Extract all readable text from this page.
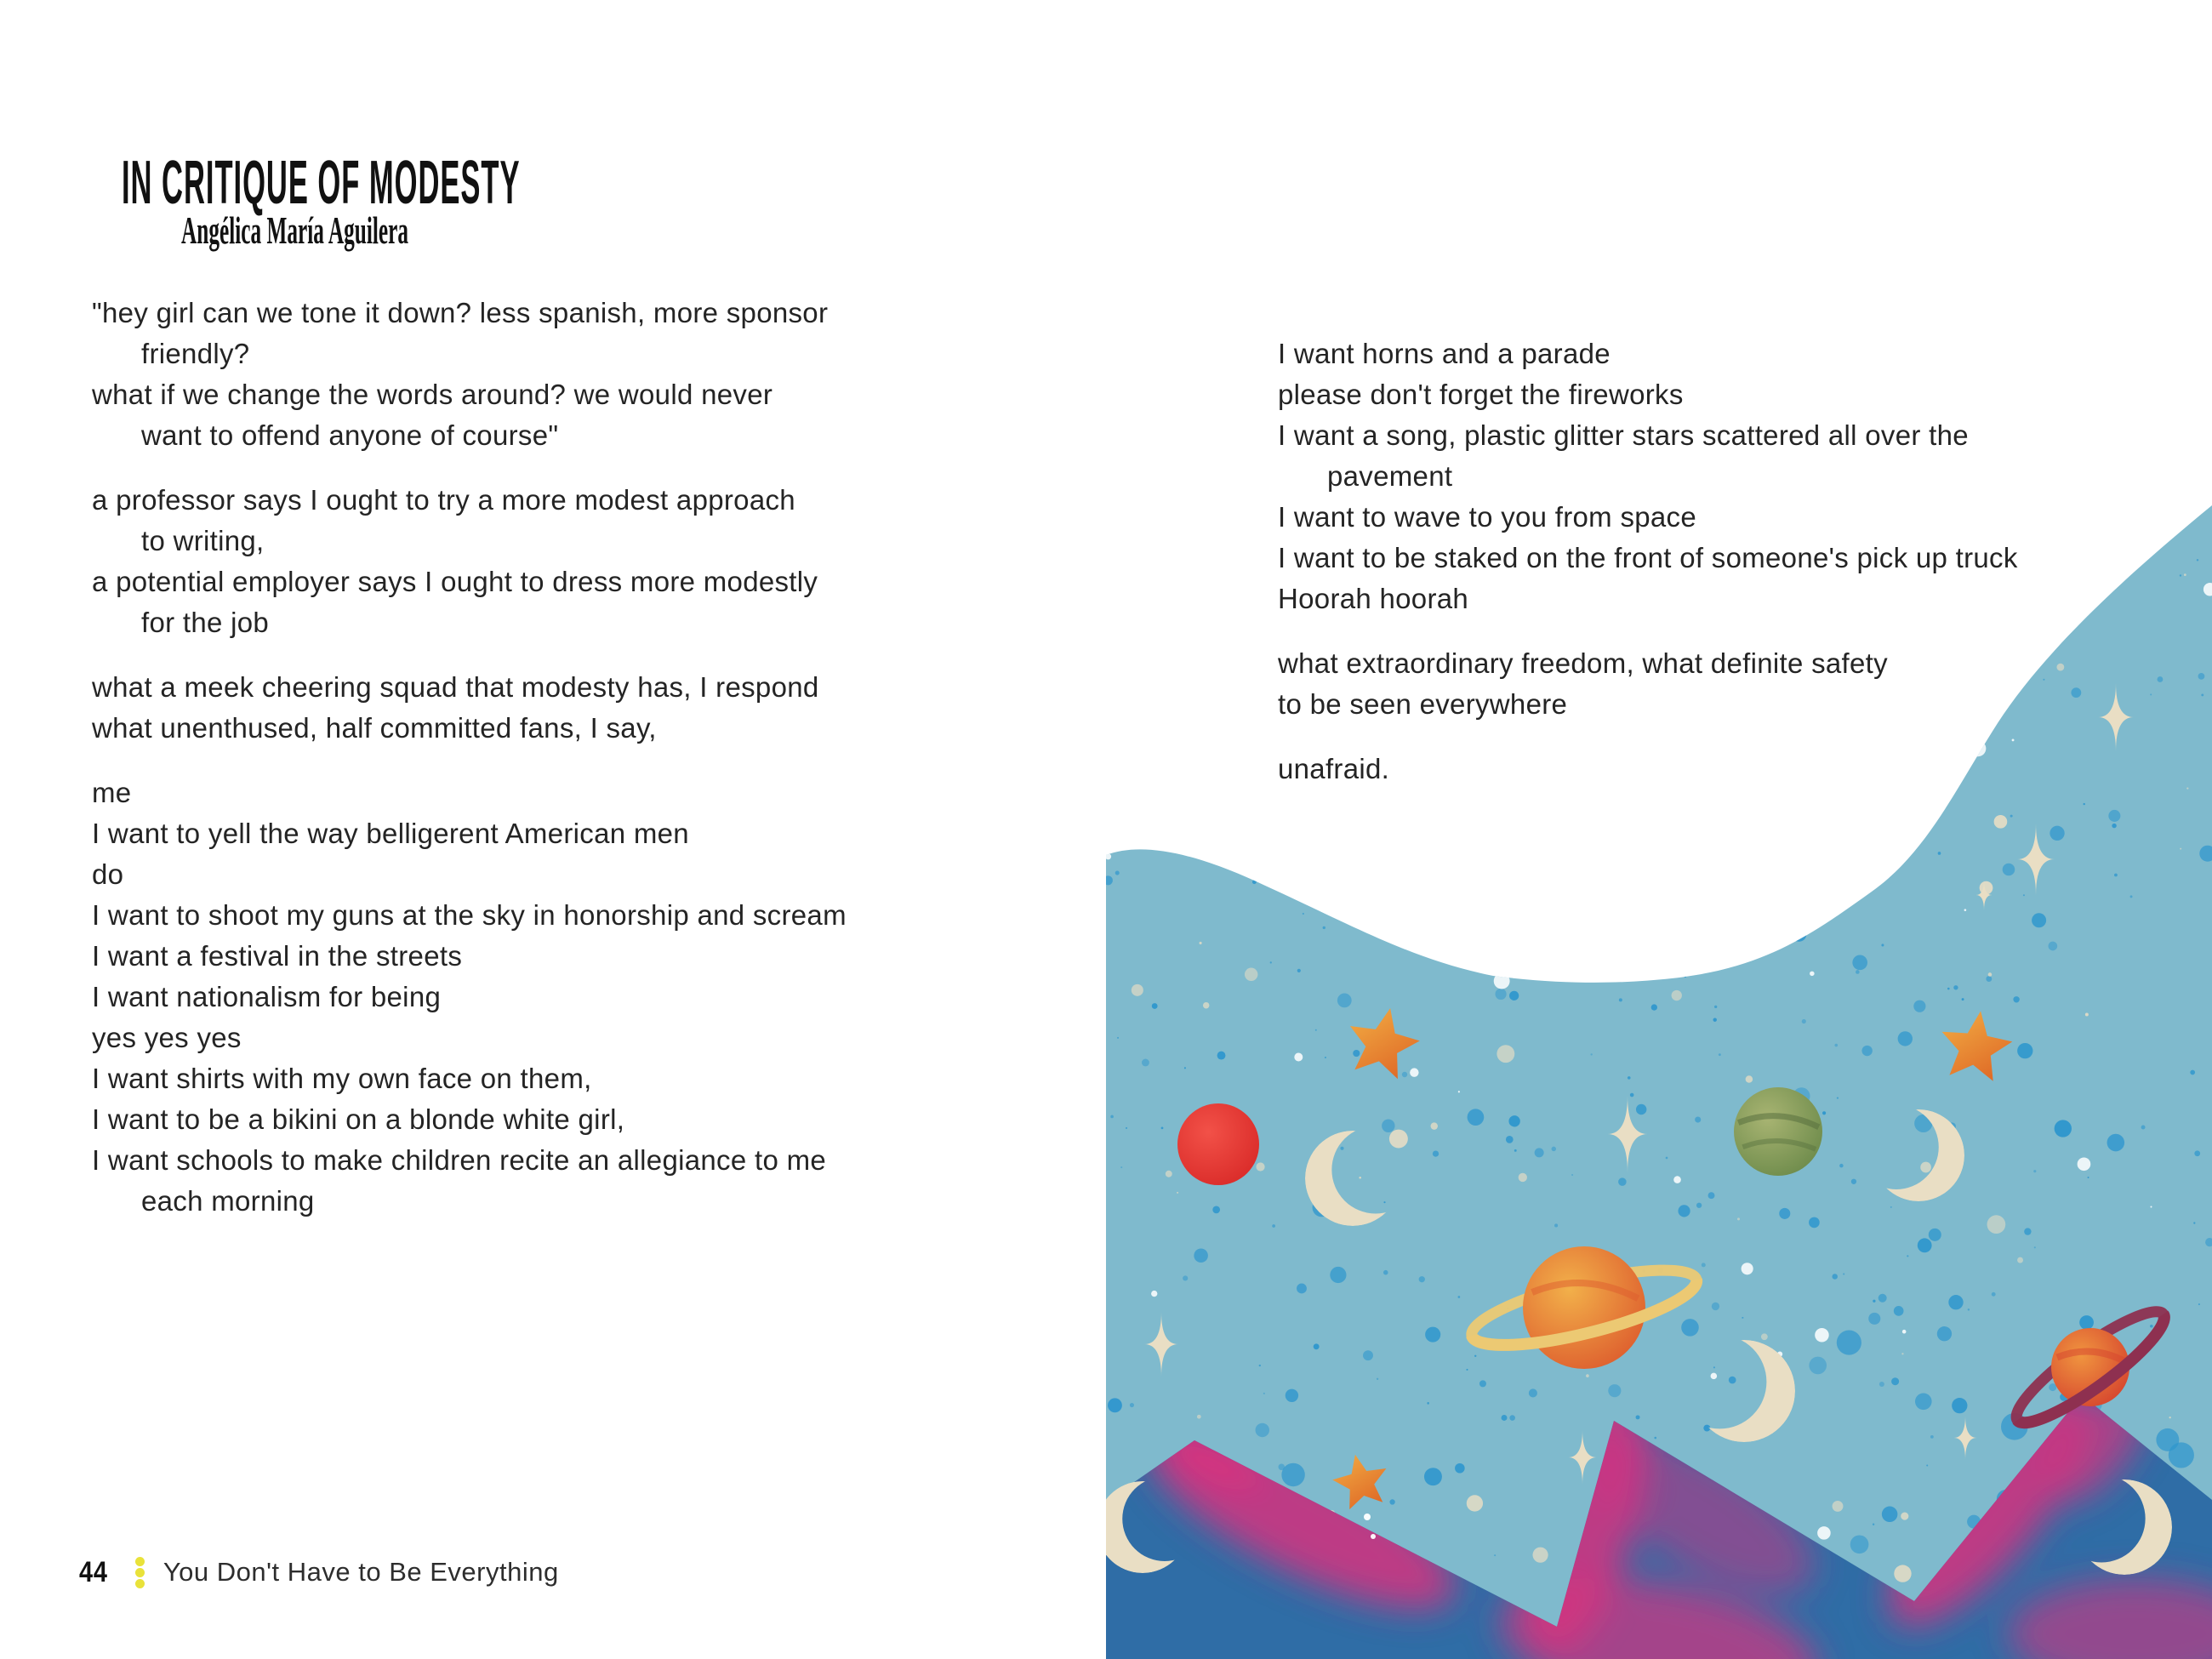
IN CRITIQUE OF MODESTY
Angélica María Aguilera
"hey girl can we tone it down? less spanish, more sponsor
friendly?
what if we change the words around? we would never
want to offend anyone of course"
a professor says I ought to try a more modest approach
to writing,
a potential employer says I ought to dress more modestly
for the job
what a meek cheering squad that modesty has, I respond
what unenthused, half committed fans, I say,
me
I want to yell the way belligerent American men
do
I want to shoot my guns at the sky in honorship and scream
I want a festival in the streets
I want nationalism for being
yes yes yes
I want shirts with my own face on them,
I want to be a bikini on a blonde white girl,
I want schools to make children recite an allegiance to me
each morning
I want horns and a parade
please don't forget the fireworks
I want a song, plastic glitter stars scattered all over the
pavement
I want to wave to you from space
I want to be staked on the front of someone's pick up truck
Hoorah hoorah
what extraordinary freedom, what definite safety
to be seen everywhere
unafraid.
44 You Don't Have to Be Everything
